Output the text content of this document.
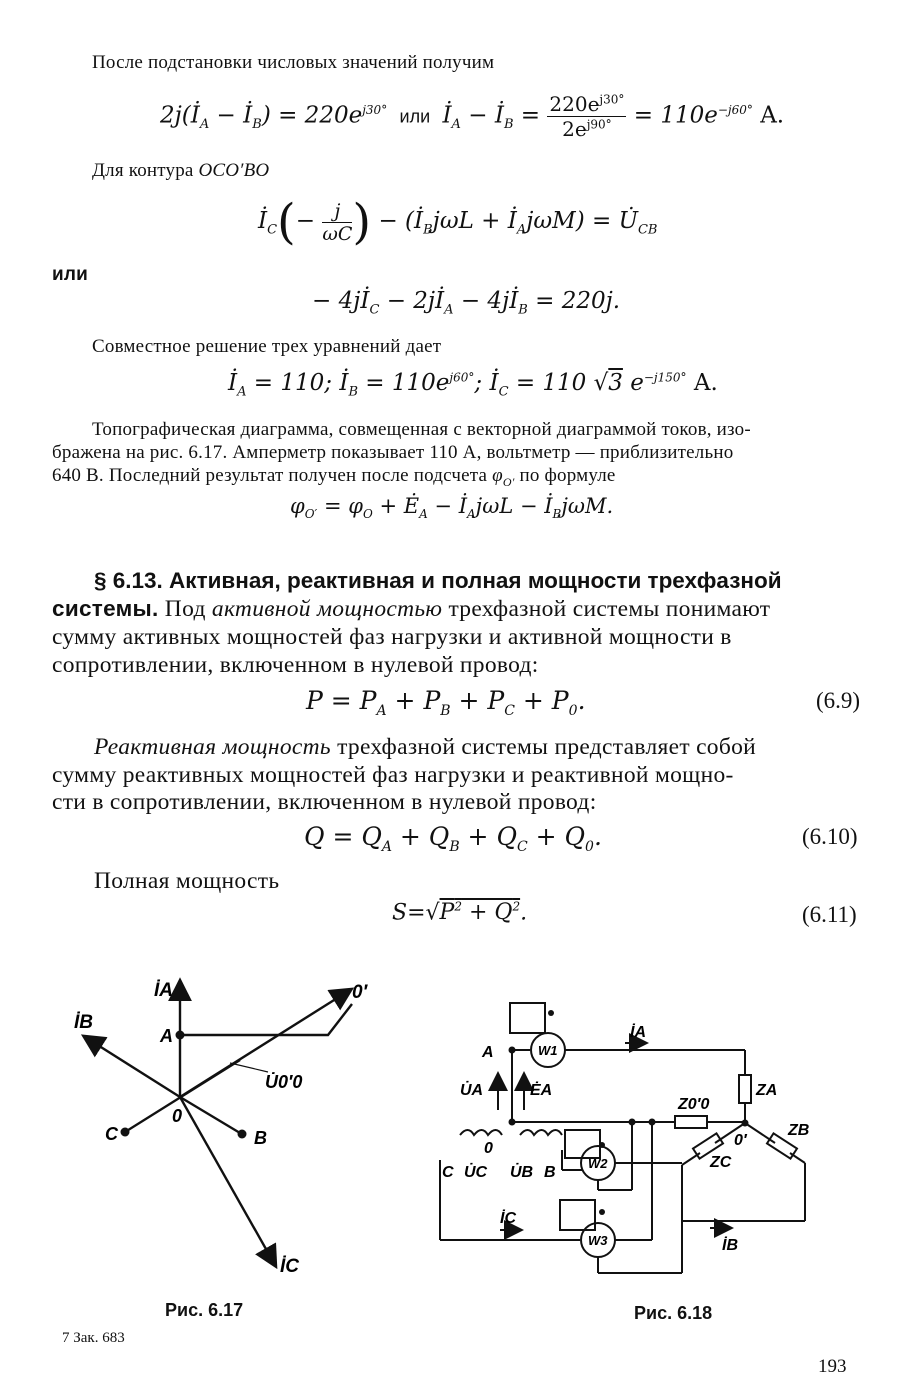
После подстановки числовых значений получим
$2j(İ_A$ − $İ_B) = 220e^{j30^\circ}$  или  $İ_A$ − $İ_B = \frac{220e^{j30^\circ}}{2e^{j90^\circ}} = 110e^{-j60^\circ}$ A.
Для контура OCO′BO
$İ_C(- \frac{j}{\omega C}$ ) − ($İ_Bj\omega L$ + $İ_Aj\omega M$) = $U̇_{CB}$
или
− $4jİ_C$ − $2jİ_A$ − $4jİ_B = 220j$.
Совместное решение трех уравнений дает
$İ_A = 110$; $İ_B = 110e^{j60^\circ}$; $İ_C = 110$ √3 $e^{-j150^\circ}$ A.
Топографическая диаграмма, совмещенная с векторной диаграммой токов, изо-
бражена на рис. 6.17. Амперметр показывает 110 А, вольтметр — приблизительно
640 В. Последний результат получен после подсчета $\varphi_{O'}$ по формуле
$\varphi_{O'} = \varphi_O$ + $Ė_A$ − $İ_Aj\omega L$ − $İ_Bj\omega M$.
§ 6.13. Активная, реактивная и полная мощности трехфазной
системы. Под активной мощностью трехфазной системы понимают
сумму активных мощностей фаз нагрузки и активной мощности в
сопротивлении, включенном в нулевой провод:
$P = P_A + P_B + P_C + P_0$.	(6.9)
Реактивная мощность трехфазной системы представляет собой
сумму реактивных мощностей фаз нагрузки и реактивной мощно-
сти в сопротивлении, включенном в нулевой провод:
$Q = Q_A + Q_B + Q_C + Q_0$.	(6.10)
Полная мощность
$S=√P^2 + Q^2$.	(6.11)
İA
İB
İC
A
C	B
0
0′
U̇0′0
Рис. 6.17
A	W1
W2
W3
İA
İC
İB
U̇A	ĖA
0
C U̇C U̇B B
ZA
Z0′0
0′
ZB
ZC
Рис. 6.18
7 Зак. 683
193
